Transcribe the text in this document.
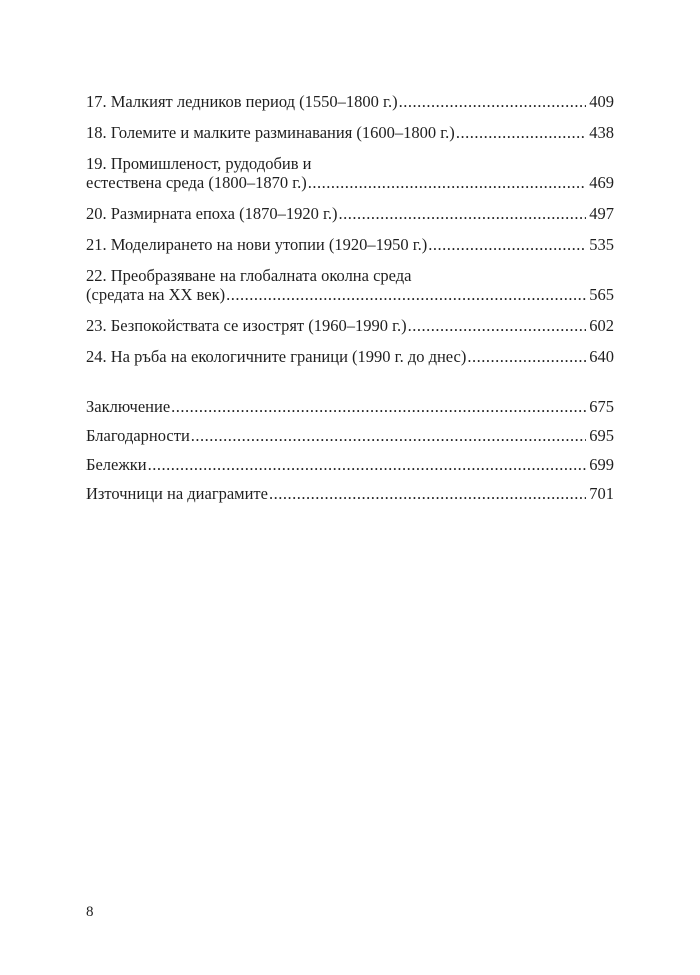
17. Малкият ледников период (1550–1800 г.) .....	409
18. Големите и малките разминавания (1600–1800 г.) .....	438
19. Промишленост, рудодобив и
естествена среда (1800–1870 г.) .....	469
20. Размирната епоха (1870–1920 г.) .....	497
21. Моделирането на нови утопии (1920–1950 г.) .....	535
22. Преобразяване на глобалната околна среда
(средата на XX век) .....	565
23. Безпокойствата се изострят (1960–1990 г.) .....	602
24. На ръба на екологичните граници (1990 г. до днес) .....	640
Заключение .....	675
Благодарности .....	695
Бележки .....	699
Източници на диаграмите .....	701
8
